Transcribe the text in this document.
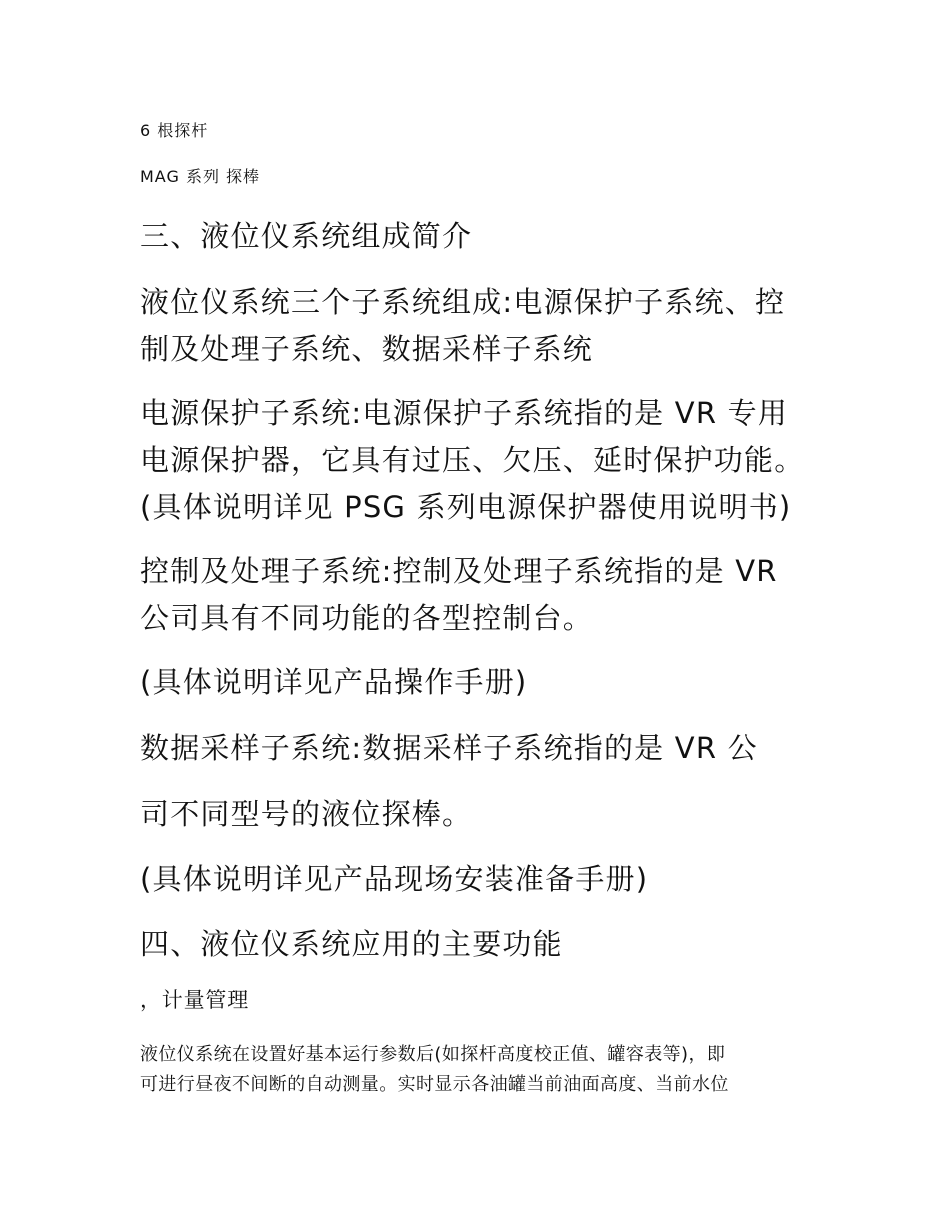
6 根探杆

MAG 系列 探棒

三、液位仪系统组成简介

液位仪系统三个子系统组成:电源保护子系统、控

制及处理子系统、数据采样子系统

电源保护子系统:电源保护子系统指的是 VR 专用

电源保护器，它具有过压、欠压、延时保护功能。

(具体说明详见 PSG 系列电源保护器使用说明书)

控制及处理子系统:控制及处理子系统指的是 VR

公司具有不同功能的各型控制台。

(具体说明详见产品操作手册)

数据采样子系统:数据采样子系统指的是 VR 公

司不同型号的液位探棒。

(具体说明详见产品现场安装准备手册)

四、液位仪系统应用的主要功能

，计量管理

液位仪系统在设置好基本运行参数后(如探杆高度校正值、罐容表等)，即

可进行昼夜不间断的自动测量。实时显示各油罐当前油面高度、当前水位
